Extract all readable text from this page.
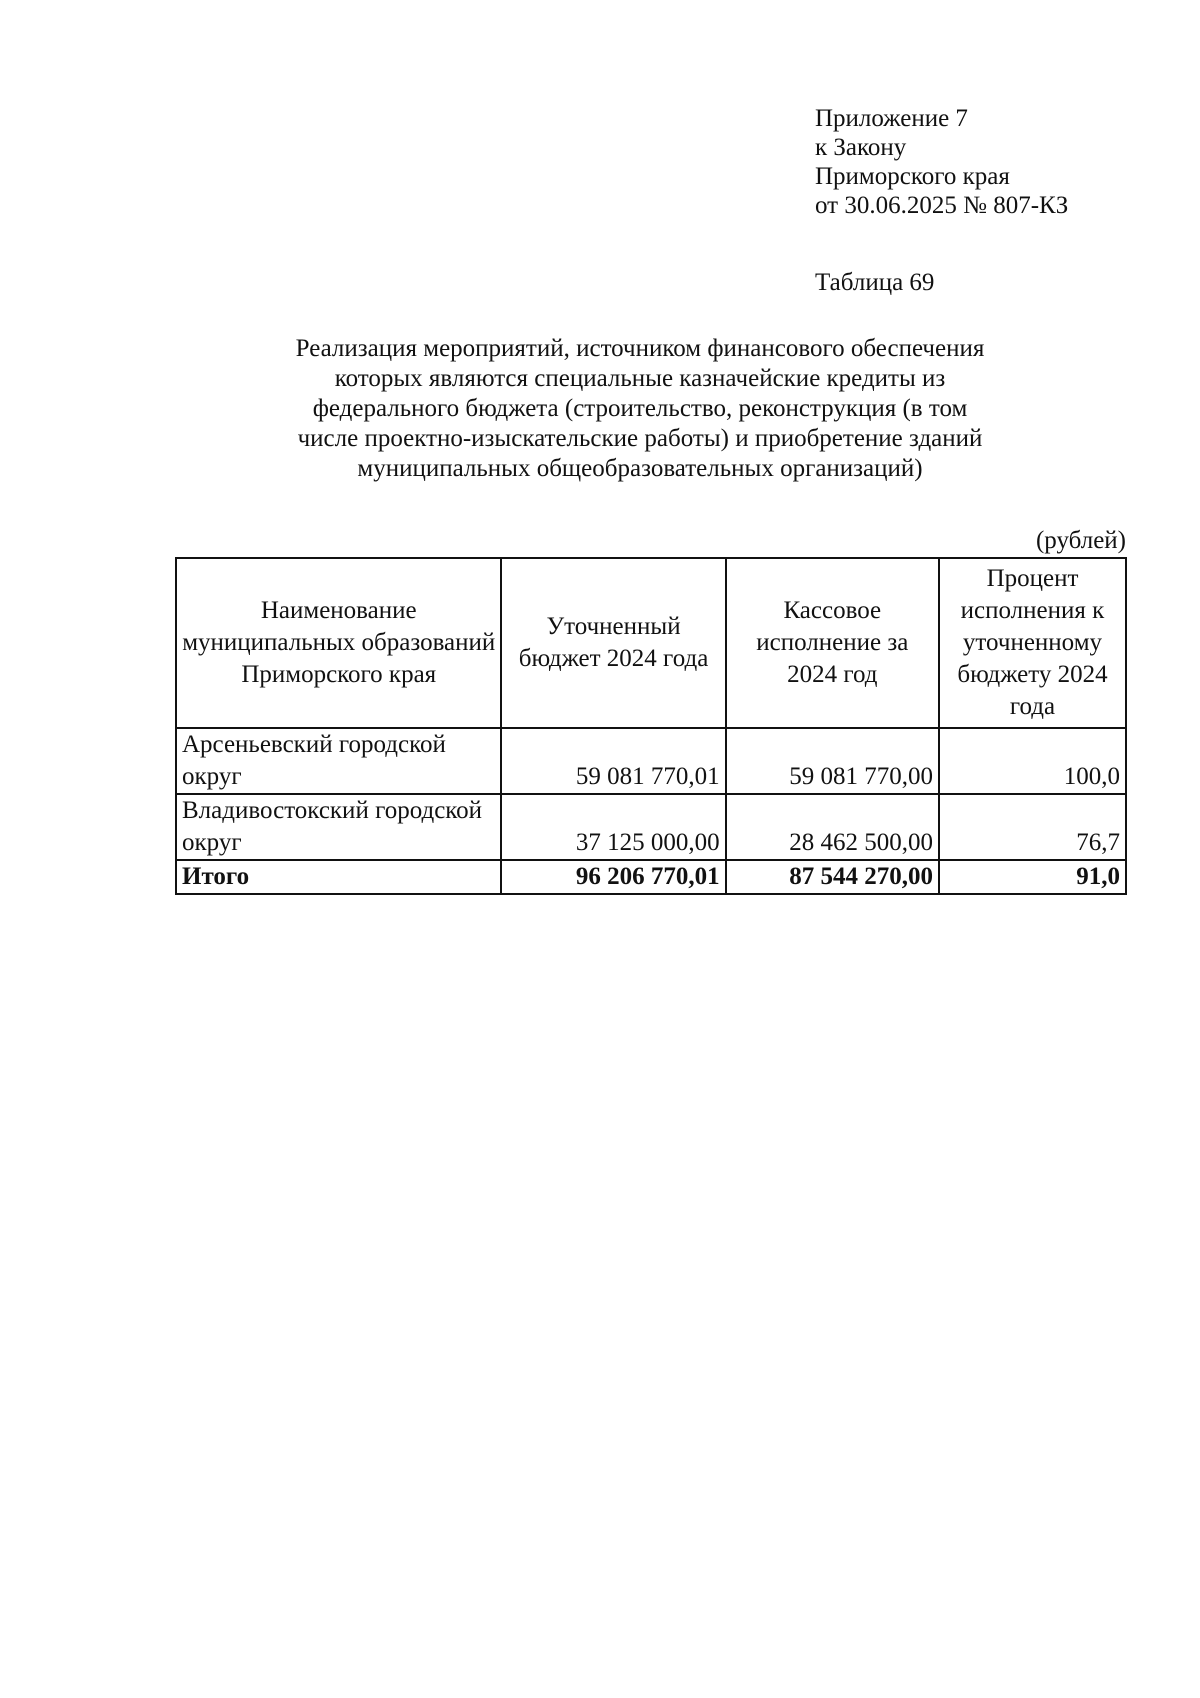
Приложение 7
к Закону
Приморского края
от 30.06.2025 № 807-КЗ
Таблица 69
Реализация мероприятий, источником финансового обеспечения
которых являются специальные казначейские кредиты из
федерального бюджета (строительство, реконструкция (в том
числе проектно-изыскательские работы) и приобретение зданий
муниципальных общеобразовательных организаций)
(рублей)
Наименование муниципальных образований Приморского края	Уточненный бюджет 2024 года	Кассовое исполнение за 2024 год	Процент исполнения к уточненному бюджету 2024 года
Арсеньевский городской округ	59 081 770,01	59 081 770,00	100,0
Владивостокский городской округ	37 125 000,00	28 462 500,00	76,7
Итого	96 206 770,01	87 544 270,00	91,0
